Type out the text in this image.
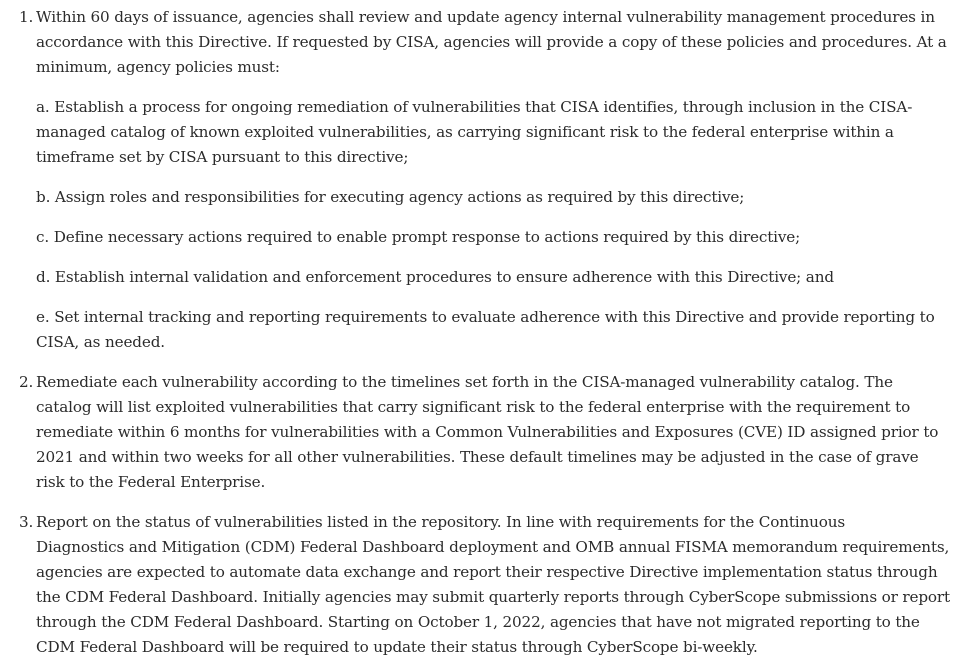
1. Within 60 days of issuance, agencies shall review and update agency internal vulnerability management procedures in
accordance with this Directive. If requested by CISA, agencies will provide a copy of these policies and procedures. At a
minimum, agency policies must:
a. Establish a process for ongoing remediation of vulnerabilities that CISA identifies, through inclusion in the CISA-
managed catalog of known exploited vulnerabilities, as carrying significant risk to the federal enterprise within a
timeframe set by CISA pursuant to this directive;
b. Assign roles and responsibilities for executing agency actions as required by this directive;
c. Define necessary actions required to enable prompt response to actions required by this directive;
d. Establish internal validation and enforcement procedures to ensure adherence with this Directive; and
e. Set internal tracking and reporting requirements to evaluate adherence with this Directive and provide reporting to
CISA, as needed.
2. Remediate each vulnerability according to the timelines set forth in the CISA-managed vulnerability catalog. The
catalog will list exploited vulnerabilities that carry significant risk to the federal enterprise with the requirement to
remediate within 6 months for vulnerabilities with a Common Vulnerabilities and Exposures (CVE) ID assigned prior to
2021 and within two weeks for all other vulnerabilities. These default timelines may be adjusted in the case of grave
risk to the Federal Enterprise.
3. Report on the status of vulnerabilities listed in the repository. In line with requirements for the Continuous
Diagnostics and Mitigation (CDM) Federal Dashboard deployment and OMB annual FISMA memorandum requirements,
agencies are expected to automate data exchange and report their respective Directive implementation status through
the CDM Federal Dashboard. Initially agencies may submit quarterly reports through CyberScope submissions or report
through the CDM Federal Dashboard. Starting on October 1, 2022, agencies that have not migrated reporting to the
CDM Federal Dashboard will be required to update their status through CyberScope bi-weekly.
